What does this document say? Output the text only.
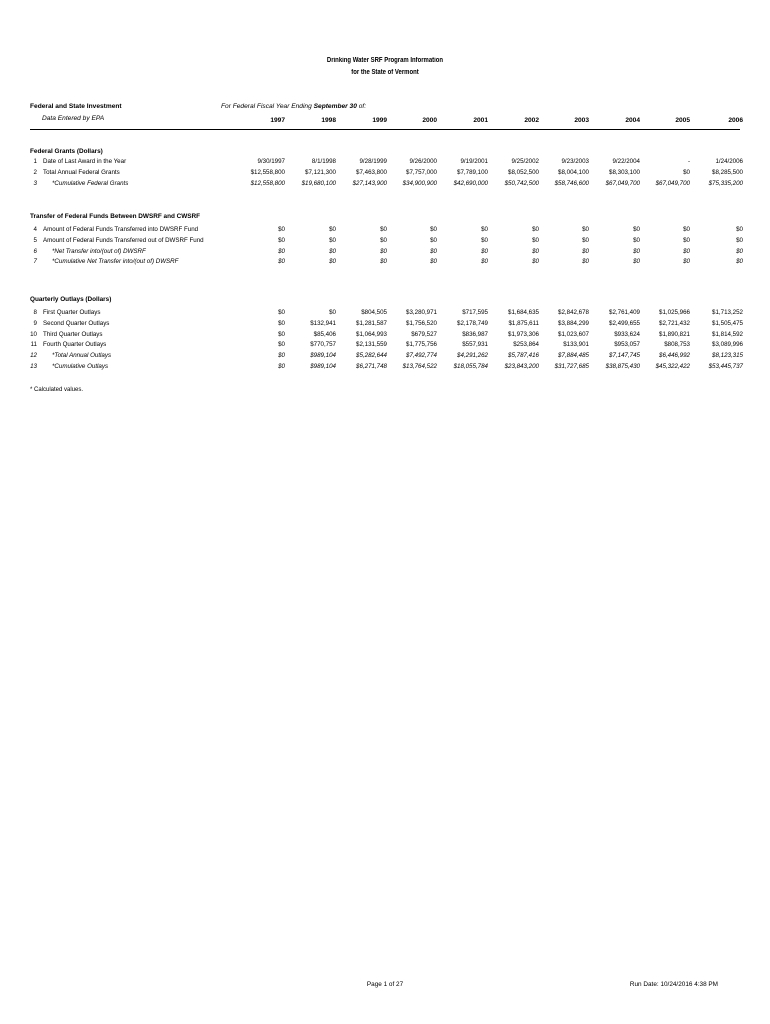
Drinking Water SRF Program Information
for the State of Vermont
Federal and State Investment
Data Entered by EPA
For Federal Fiscal Year Ending September 30 of:
1997	1998	1999	2000	2001	2002	2003	2004	2005	2006
Federal Grants (Dollars)
1 Date of Last Award in the Year	9/30/1997	8/1/1998	9/28/1999	9/26/2000	9/19/2001	9/25/2002	9/23/2003	9/22/2004	-	1/24/2006
2 Total Annual Federal Grants	$12,558,800	$7,121,300	$7,463,800	$7,757,000	$7,789,100	$8,052,500	$8,004,100	$8,303,100	$0	$8,285,500
3 *Cumulative Federal Grants	$12,558,800	$19,680,100	$27,143,900	$34,900,900	$42,690,000	$50,742,500	$58,746,600	$67,049,700	$67,049,700	$75,335,200
Transfer of Federal Funds Between DWSRF and CWSRF
4 Amount of Federal Funds Transferred into DWSRF Fund	$0	$0	$0	$0	$0	$0	$0	$0	$0	$0
5 Amount of Federal Funds Transferred out of DWSRF Fund	$0	$0	$0	$0	$0	$0	$0	$0	$0	$0
6 *Net Transfer into/(out of) DWSRF	$0	$0	$0	$0	$0	$0	$0	$0	$0	$0
7 *Cumulative Net Transfer into/(out of) DWSRF	$0	$0	$0	$0	$0	$0	$0	$0	$0	$0
Quarterly Outlays (Dollars)
8 First Quarter Outlays	$0	$0	$804,505	$3,280,971	$717,595	$1,684,635	$2,842,678	$2,761,409	$1,025,966	$1,713,252
9 Second Quarter Outlays	$0	$132,941	$1,281,587	$1,756,520	$2,178,749	$1,875,611	$3,884,299	$2,499,655	$2,721,432	$1,505,475
10 Third Quarter Outlays	$0	$85,406	$1,064,993	$679,527	$836,987	$1,973,306	$1,023,607	$933,624	$1,890,821	$1,814,592
11 Fourth Quarter Outlays	$0	$770,757	$2,131,559	$1,775,756	$557,931	$253,864	$133,901	$953,057	$808,753	$3,089,996
12 *Total Annual Outlays	$0	$989,104	$5,282,644	$7,492,774	$4,291,262	$5,787,416	$7,884,485	$7,147,745	$6,446,992	$8,123,315
13 *Cumulative Outlays	$0	$989,104	$6,271,748	$13,764,522	$18,055,784	$23,843,200	$31,727,685	$38,875,430	$45,322,422	$53,445,737
* Calculated values.
Page 1 of 27	Run Date: 10/24/2016 4:38 PM
